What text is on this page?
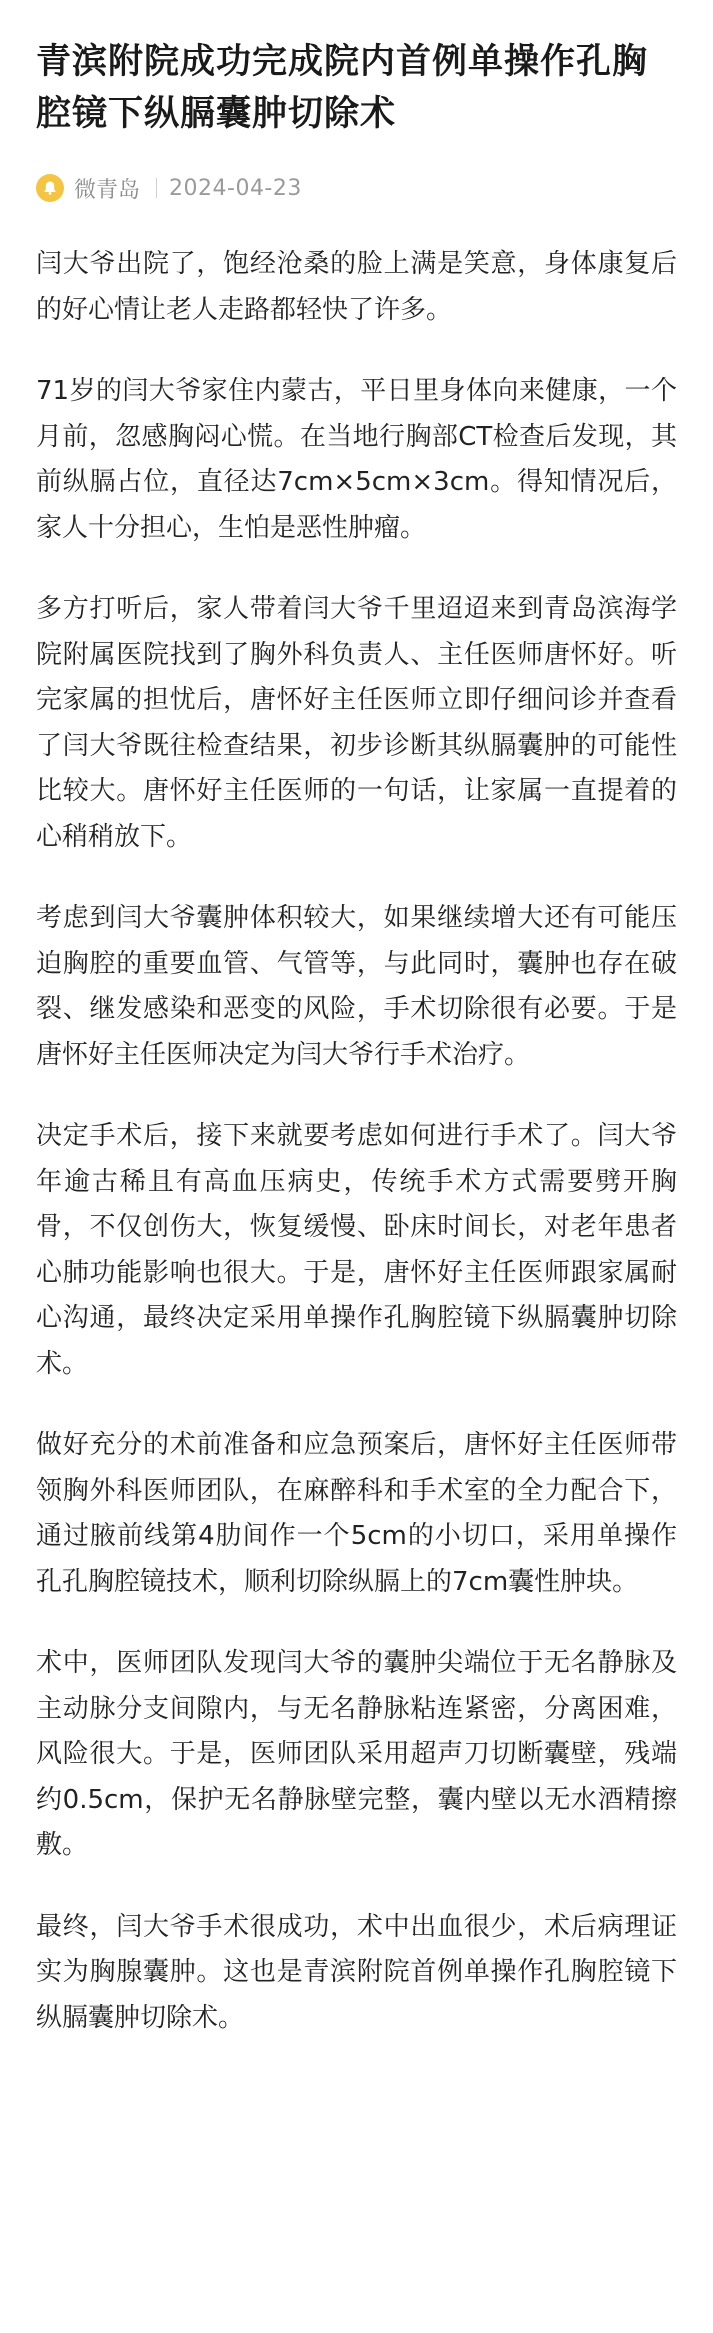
青滨附院成功完成院内首例单操作孔胸腔镜下纵膈囊肿切除术
微青岛 2024-04-23

闫大爷出院了，饱经沧桑的脸上满是笑意，身体康复后的好心情让老人走路都轻快了许多。

71岁的闫大爷家住内蒙古，平日里身体向来健康，一个月前，忽感胸闷心慌。在当地行胸部CT检查后发现，其前纵膈占位，直径达7cm×5cm×3cm。得知情况后，家人十分担心，生怕是恶性肿瘤。

多方打听后，家人带着闫大爷千里迢迢来到青岛滨海学院附属医院找到了胸外科负责人、主任医师唐怀好。听完家属的担忧后，唐怀好主任医师立即仔细问诊并查看了闫大爷既往检查结果，初步诊断其纵膈囊肿的可能性比较大。唐怀好主任医师的一句话，让家属一直提着的心稍稍放下。

考虑到闫大爷囊肿体积较大，如果继续增大还有可能压迫胸腔的重要血管、气管等，与此同时，囊肿也存在破裂、继发感染和恶变的风险，手术切除很有必要。于是唐怀好主任医师决定为闫大爷行手术治疗。

决定手术后，接下来就要考虑如何进行手术了。闫大爷年逾古稀且有高血压病史，传统手术方式需要劈开胸骨，不仅创伤大，恢复缓慢、卧床时间长，对老年患者心肺功能影响也很大。于是，唐怀好主任医师跟家属耐心沟通，最终决定采用单操作孔胸腔镜下纵膈囊肿切除术。

做好充分的术前准备和应急预案后，唐怀好主任医师带领胸外科医师团队，在麻醉科和手术室的全力配合下，通过腋前线第4肋间作一个5cm的小切口，采用单操作孔孔胸腔镜技术，顺利切除纵膈上的7cm囊性肿块。

术中，医师团队发现闫大爷的囊肿尖端位于无名静脉及主动脉分支间隙内，与无名静脉粘连紧密，分离困难，风险很大。于是，医师团队采用超声刀切断囊壁，残端约0.5cm，保护无名静脉壁完整，囊内壁以无水酒精擦敷。

最终，闫大爷手术很成功，术中出血很少，术后病理证实为胸腺囊肿。这也是青滨附院首例单操作孔胸腔镜下纵膈囊肿切除术。
